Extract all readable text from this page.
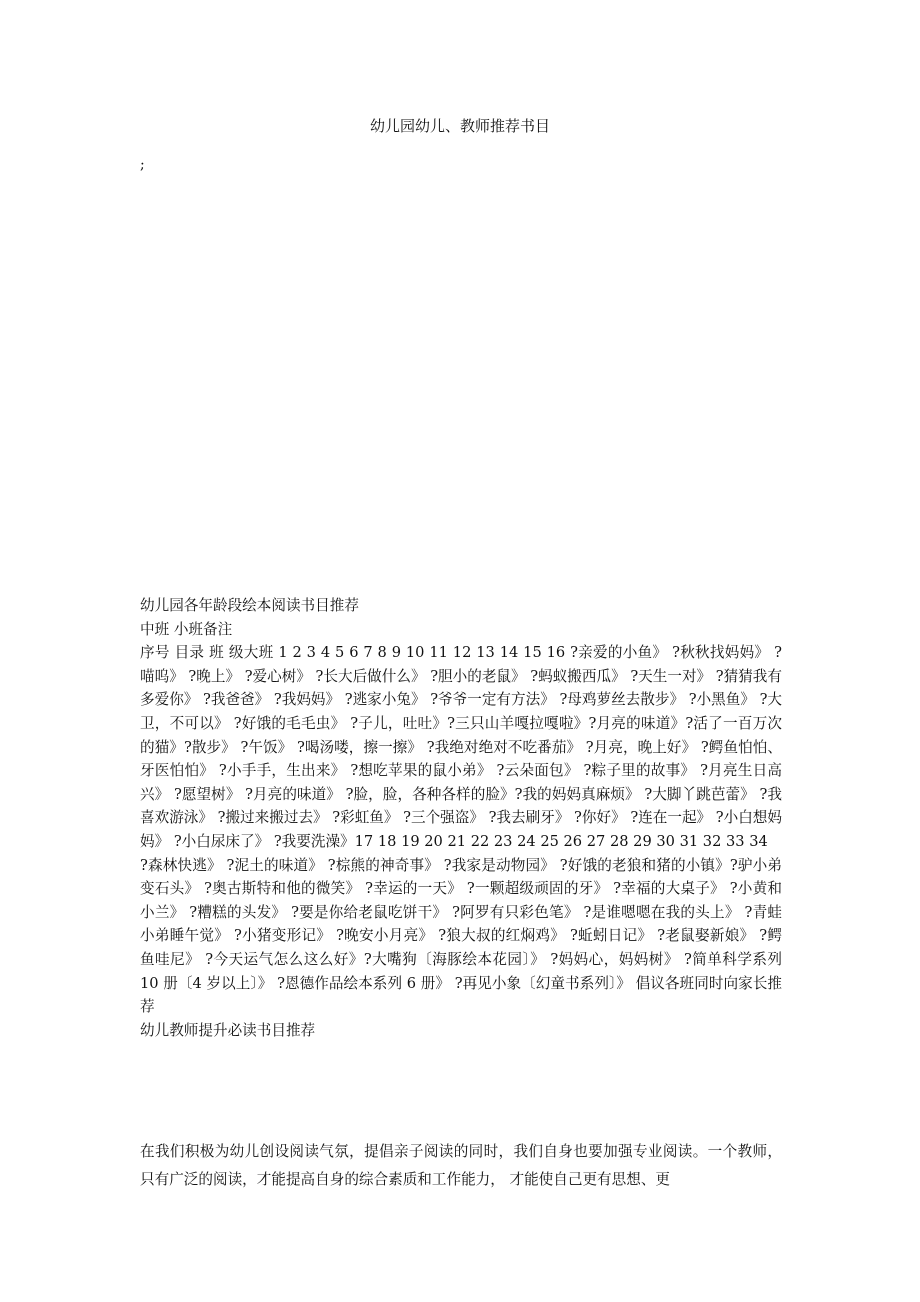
幼儿园幼儿、教师推荐书目
;

幼儿园各年龄段绘本阅读书目推荐

中班 小班备注

序号 目录 班 级大班 1 2 3 4 5 6 7 8 9 10 11 12 13 14 15 16 ?亲爱的小鱼》 ?秋秋找妈妈》 ?喵呜》 ?晚上》 ?爱心树》 ?长大后做什么》 ?胆小的老鼠》 ?蚂蚁搬西瓜》 ?天生一对》 ?猜猜我有多爱你》 ?我爸爸》 ?我妈妈》 ?逃家小兔》 ?爷爷一定有方法》 ?母鸡萝丝去散步》 ?小黑鱼》 ?大卫，不可以》 ?好饿的毛毛虫》 ?子儿，吐吐》?三只山羊嘎拉嘎啦》?月亮的味道》?活了一百万次的猫》?散步》 ?午饭》 ?喝汤喽，擦一擦》 ?我绝对绝对不吃番茄》 ?月亮，晚上好》 ?鳄鱼怕怕、牙医怕怕》 ?小手手，生出来》 ?想吃苹果的鼠小弟》 ?云朵面包》 ?粽子里的故事》 ?月亮生日高兴》 ?愿望树》 ?月亮的味道》 ?脸，脸，各种各样的脸》?我的妈妈真麻烦》 ?大脚丫跳芭蕾》 ?我喜欢游泳》 ?搬过来搬过去》 ?彩虹鱼》 ?三个强盗》 ?我去刷牙》 ?你好》 ?连在一起》 ?小白想妈妈》 ?小白尿床了》 ?我要洗澡》17 18 19 20 21 22 23 24 25 26 27 28 29 30 31 32 33 34

?森林快逃》 ?泥土的味道》 ?棕熊的神奇事》 ?我家是动物园》 ?好饿的老狼和猪的小镇》?驴小弟变石头》 ?奥古斯特和他的微笑》 ?幸运的一天》 ?一颗超级顽固的牙》 ?幸福的大桌子》 ?小黄和小兰》 ?糟糕的头发》 ?要是你给老鼠吃饼干》 ?阿罗有只彩色笔》 ?是谁嗯嗯在我的头上》 ?青蛙小弟睡午觉》 ?小猪变形记》 ?晚安小月亮》 ?狼大叔的红焖鸡》 ?蚯蚓日记》 ?老鼠娶新娘》 ?鳄鱼哇尼》 ?今天运气怎么这么好》?大嘴狗〔海豚绘本花园〕》 ?妈妈心，妈妈树》 ?简单科学系列 10 册〔4 岁以上〕》 ?恩德作品绘本系列 6 册》 ?再见小象〔幻童书系列〕》 倡议各班同时向家长推荐

幼儿教师提升必读书目推荐

在我们积极为幼儿创设阅读气氛，提倡亲子阅读的同时，我们自身也要加强专业阅读。一个教师，只有广泛的阅读，才能提高自身的综合素质和工作能力， 才能使自己更有思想、更
